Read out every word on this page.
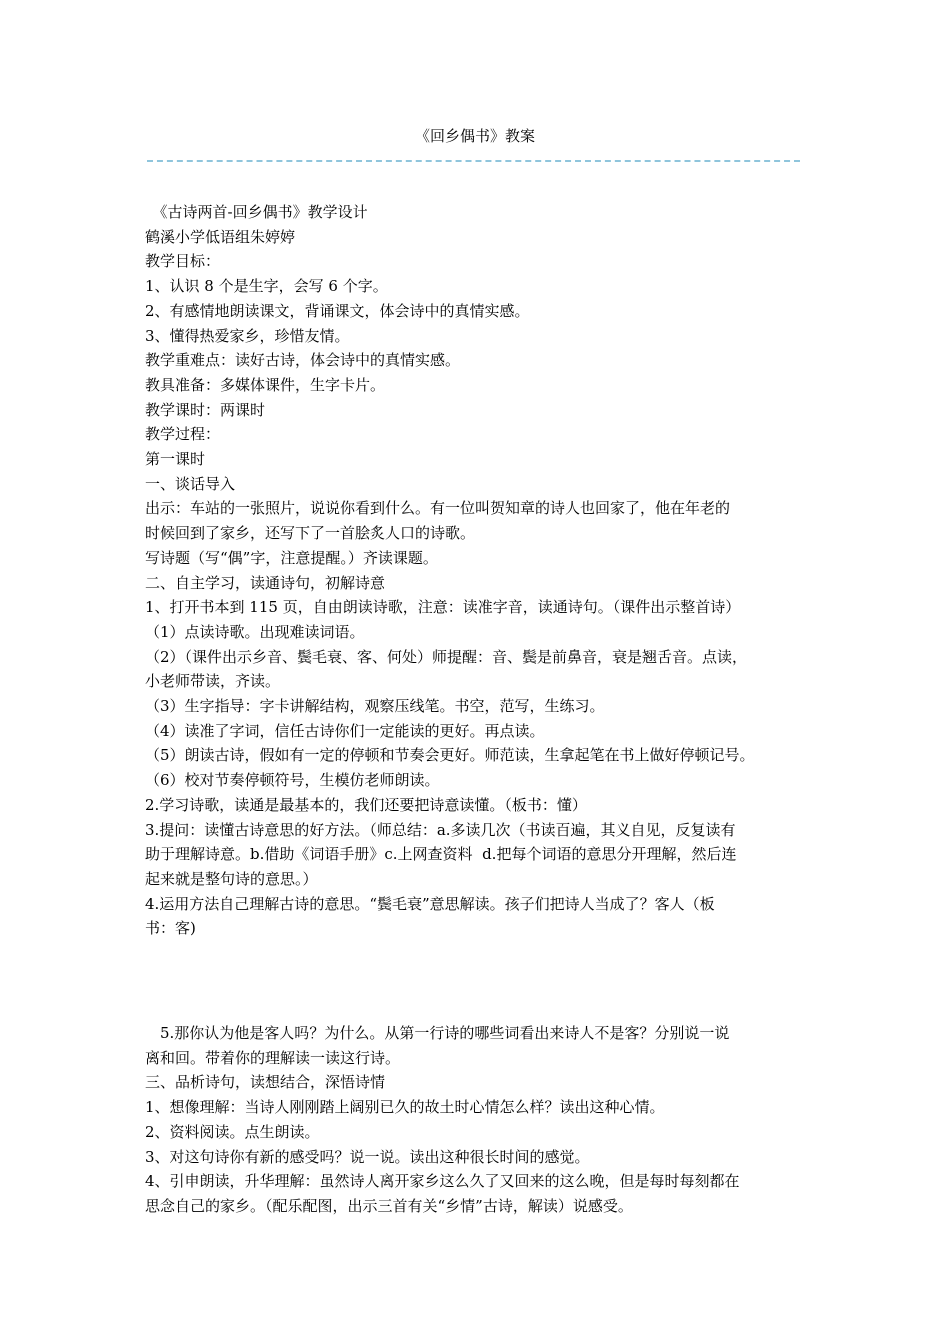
《回乡偶书》教案
　《古诗两首-回乡偶书》教学设计
鹤溪小学低语组朱婷婷
教学目标：
1、认识 8 个是生字，会写 6 个字。
2、有感情地朗读课文，背诵课文，体会诗中的真情实感。
3、懂得热爱家乡，珍惜友情。
教学重难点：读好古诗，体会诗中的真情实感。
教具准备：多媒体课件，生字卡片。
教学课时：两课时
教学过程：
第一课时
一、谈话导入
出示：车站的一张照片，说说你看到什么。有一位叫贺知章的诗人也回家了，他在年老的
时候回到了家乡，还写下了一首脍炙人口的诗歌。
写诗题（写“偶”字，注意提醒。）齐读课题。
二、自主学习，读通诗句，初解诗意
1、打开书本到 115 页，自由朗读诗歌，注意：读准字音，读通诗句。（课件出示整首诗）
（1）点读诗歌。出现难读词语。
（2）（课件出示乡音、鬓毛衰、客、何处）师提醒：音、鬓是前鼻音，衰是翘舌音。点读，
小老师带读，齐读。
（3）生字指导：字卡讲解结构，观察压线笔。书空，范写，生练习。
（4）读准了字词，信任古诗你们一定能读的更好。再点读。
（5）朗读古诗，假如有一定的停顿和节奏会更好。师范读，生拿起笔在书上做好停顿记号。
（6）校对节奏停顿符号，生模仿老师朗读。
2.学习诗歌，读通是最基本的，我们还要把诗意读懂。（板书：懂）
3.提问：读懂古诗意思的好方法。（师总结：a.多读几次（书读百遍，其义自见，反复读有
助于理解诗意。b.借助《词语手册》c.上网查资料  d.把每个词语的意思分开理解，然后连
起来就是整句诗的意思。）
4.运用方法自己理解古诗的意思。“鬓毛衰”意思解读。孩子们把诗人当成了？客人（板
书：客)
　5.那你认为他是客人吗？为什么。从第一行诗的哪些词看出来诗人不是客？分别说一说
离和回。带着你的理解读一读这行诗。
三、品析诗句，读想结合，深悟诗情
1、想像理解：当诗人刚刚踏上阔别已久的故土时心情怎么样？读出这种心情。
2、资料阅读。点生朗读。
3、对这句诗你有新的感受吗？说一说。读出这种很长时间的感觉。
4、引申朗读，升华理解：虽然诗人离开家乡这么久了又回来的这么晚，但是每时每刻都在
思念自己的家乡。（配乐配图，出示三首有关“乡情”古诗，解读）说感受。
